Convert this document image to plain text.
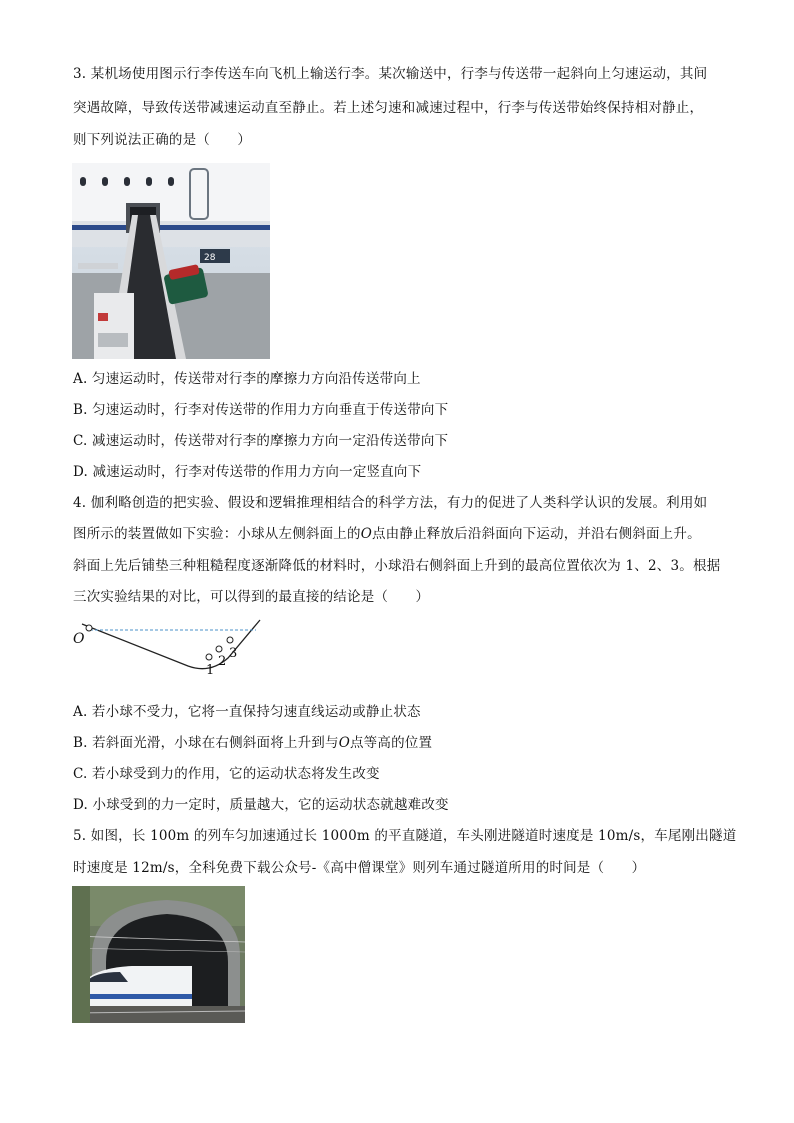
3. 某机场使用图示行李传送车向飞机上输送行李。某次输送中，行李与传送带一起斜向上匀速运动，其间
突遇故障，导致传送带减速运动直至静止。若上述匀速和减速过程中，行李与传送带始终保持相对静止，
则下列说法正确的是（　　）
28
A. 匀速运动时，传送带对行李的摩擦力方向沿传送带向上
B. 匀速运动时，行李对传送带的作用力方向垂直于传送带向下
C. 减速运动时，传送带对行李的摩擦力方向一定沿传送带向下
D. 减速运动时，行李对传送带的作用力方向一定竖直向下
4. 伽利略创造的把实验、假设和逻辑推理相结合的科学方法，有力的促进了人类科学认识的发展。利用如
图所示的装置做如下实验：小球从左侧斜面上的O点由静止释放后沿斜面向下运动，并沿右侧斜面上升。
斜面上先后铺垫三种粗糙程度逐渐降低的材料时，小球沿右侧斜面上升到的最高位置依次为 1、2、3。根据
三次实验结果的对比，可以得到的最直接的结论是（　　）
O
1
2
3
A. 若小球不受力，它将一直保持匀速直线运动或静止状态
B. 若斜面光滑，小球在右侧斜面将上升到与O点等高的位置
C. 若小球受到力的作用，它的运动状态将发生改变
D. 小球受到的力一定时，质量越大，它的运动状态就越难改变
5. 如图，长 100m 的列车匀加速通过长 1000m 的平直隧道，车头刚进隧道时速度是 10m/s，车尾刚出隧道
时速度是 12m/s，全科免费下载公众号-《高中僧课堂》则列车通过隧道所用的时间是（　　）
